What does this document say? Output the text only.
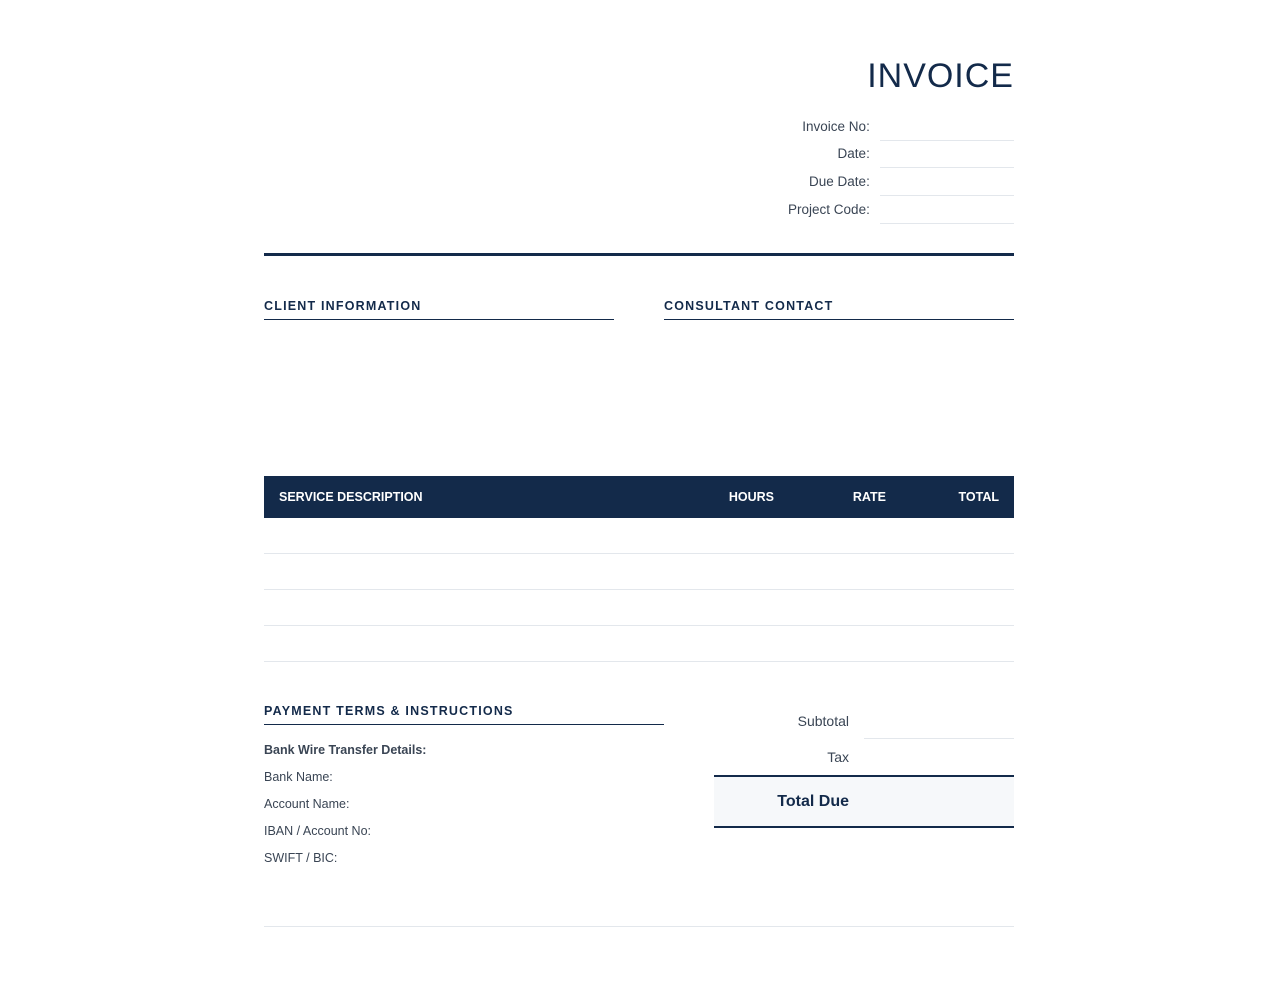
INVOICE
Invoice No:
Date:
Due Date:
Project Code:
CLIENT INFORMATION	CONSULTANT CONTACT
SERVICE DESCRIPTION	HOURS	RATE	TOTAL
PAYMENT TERMS & INSTRUCTIONS
Bank Wire Transfer Details:
Bank Name:
Account Name:
IBAN / Account No:
SWIFT / BIC:
Subtotal
Tax
Total Due
